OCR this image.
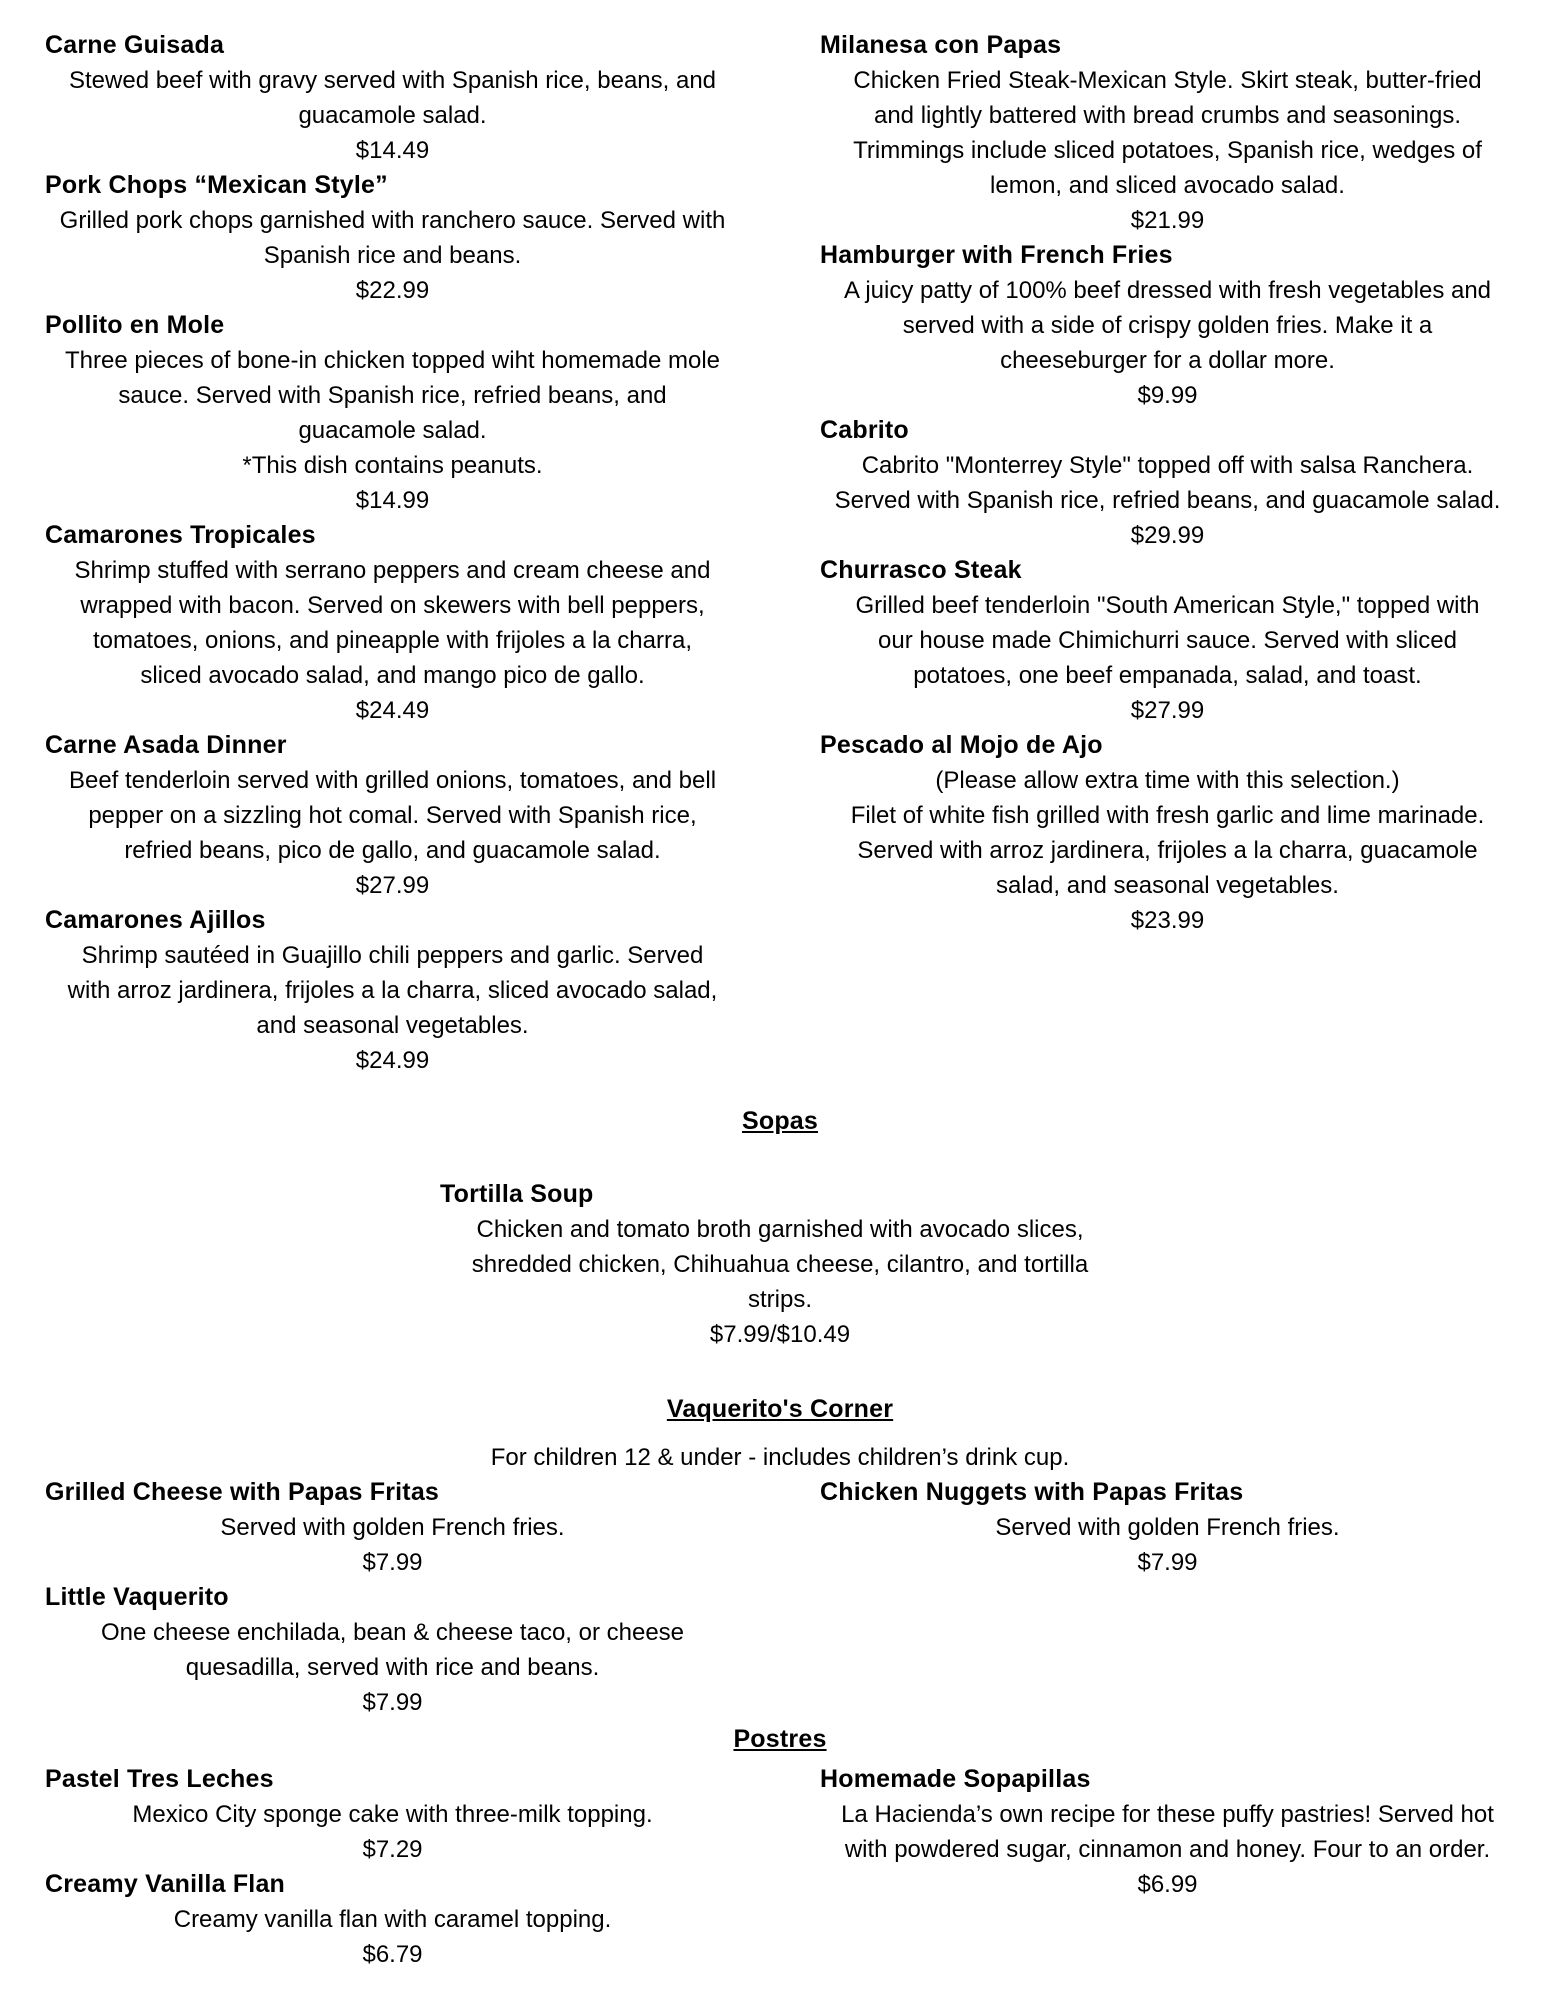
Carne Guisada
Stewed beef with gravy served with Spanish rice, beans, and
guacamole salad.
$14.49
Pork Chops “Mexican Style”
Grilled pork chops garnished with ranchero sauce. Served with
Spanish rice and beans.
$22.99
Pollito en Mole
Three pieces of bone-in chicken topped wiht homemade mole
sauce. Served with Spanish rice, refried beans, and
guacamole salad.
*This dish contains peanuts.
$14.99
Camarones Tropicales
Shrimp stuffed with serrano peppers and cream cheese and
wrapped with bacon. Served on skewers with bell peppers,
tomatoes, onions, and pineapple with frijoles a la charra,
sliced avocado salad, and mango pico de gallo.
$24.49
Carne Asada Dinner
Beef tenderloin served with grilled onions, tomatoes, and bell
pepper on a sizzling hot comal. Served with Spanish rice,
refried beans, pico de gallo, and guacamole salad.
$27.99
Camarones Ajillos
Shrimp sautéed in Guajillo chili peppers and garlic. Served
with arroz jardinera, frijoles a la charra, sliced avocado salad,
and seasonal vegetables.
$24.99
Milanesa con Papas
Chicken Fried Steak-Mexican Style. Skirt steak, butter-fried
and lightly battered with bread crumbs and seasonings.
Trimmings include sliced potatoes, Spanish rice, wedges of
lemon, and sliced avocado salad.
$21.99
Hamburger with French Fries
A juicy patty of 100% beef dressed with fresh vegetables and
served with a side of crispy golden fries. Make it a
cheeseburger for a dollar more.
$9.99
Cabrito
Cabrito "Monterrey Style" topped off with salsa Ranchera.
Served with Spanish rice, refried beans, and guacamole salad.
$29.99
Churrasco Steak
Grilled beef tenderloin "South American Style," topped with
our house made Chimichurri sauce. Served with sliced
potatoes, one beef empanada, salad, and toast.
$27.99
Pescado al Mojo de Ajo
(Please allow extra time with this selection.)
Filet of white fish grilled with fresh garlic and lime marinade.
Served with arroz jardinera, frijoles a la charra, guacamole
salad, and seasonal vegetables.
$23.99
Sopas
Tortilla Soup
Chicken and tomato broth garnished with avocado slices,
shredded chicken, Chihuahua cheese, cilantro, and tortilla
strips.
$7.99/$10.49
Vaquerito's Corner
For children 12 & under - includes children’s drink cup.
Grilled Cheese with Papas Fritas
Served with golden French fries.
$7.99
Little Vaquerito
One cheese enchilada, bean & cheese taco, or cheese
quesadilla, served with rice and beans.
$7.99
Chicken Nuggets with Papas Fritas
Served with golden French fries.
$7.99
Postres
Pastel Tres Leches
Mexico City sponge cake with three-milk topping.
$7.29
Creamy Vanilla Flan
Creamy vanilla flan with caramel topping.
$6.79
Homemade Sopapillas
La Hacienda’s own recipe for these puffy pastries! Served hot
with powdered sugar, cinnamon and honey. Four to an order.
$6.99
